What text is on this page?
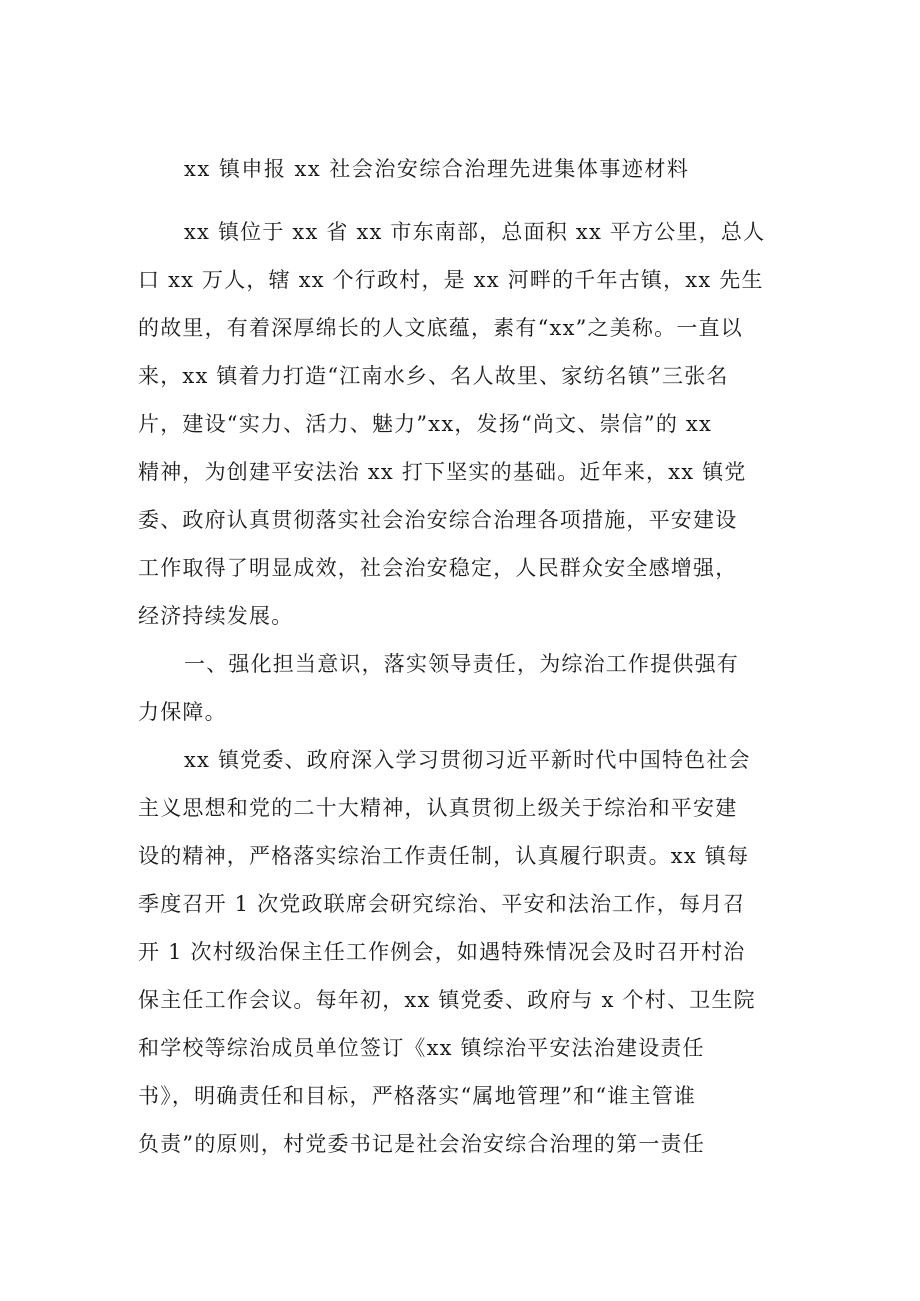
xx 镇申报 xx 社会治安综合治理先进集体事迹材料
xx 镇位于 xx 省 xx 市东南部，总面积 xx 平方公里，总人
口 xx 万人，辖 xx 个行政村，是 xx 河畔的千年古镇，xx 先生
的故里，有着深厚绵长的人文底蕴，素有“xx”之美称。一直以
来，xx 镇着力打造“江南水乡、名人故里、家纺名镇”三张名
片，建设“实力、活力、魅力”xx，发扬“尚文、崇信”的 xx
精神，为创建平安法治 xx 打下坚实的基础。近年来，xx 镇党
委、政府认真贯彻落实社会治安综合治理各项措施，平安建设
工作取得了明显成效，社会治安稳定，人民群众安全感增强，
经济持续发展。
一、强化担当意识，落实领导责任，为综治工作提供强有
力保障。
xx 镇党委、政府深入学习贯彻习近平新时代中国特色社会
主义思想和党的二十大精神，认真贯彻上级关于综治和平安建
设的精神，严格落实综治工作责任制，认真履行职责。xx 镇每
季度召开 1 次党政联席会研究综治、平安和法治工作，每月召
开 1 次村级治保主任工作例会，如遇特殊情况会及时召开村治
保主任工作会议。每年初，xx 镇党委、政府与 x 个村、卫生院
和学校等综治成员单位签订《xx 镇综治平安法治建设责任
书》，明确责任和目标，严格落实“属地管理”和“谁主管谁
负责”的原则，村党委书记是社会治安综合治理的第一责任
